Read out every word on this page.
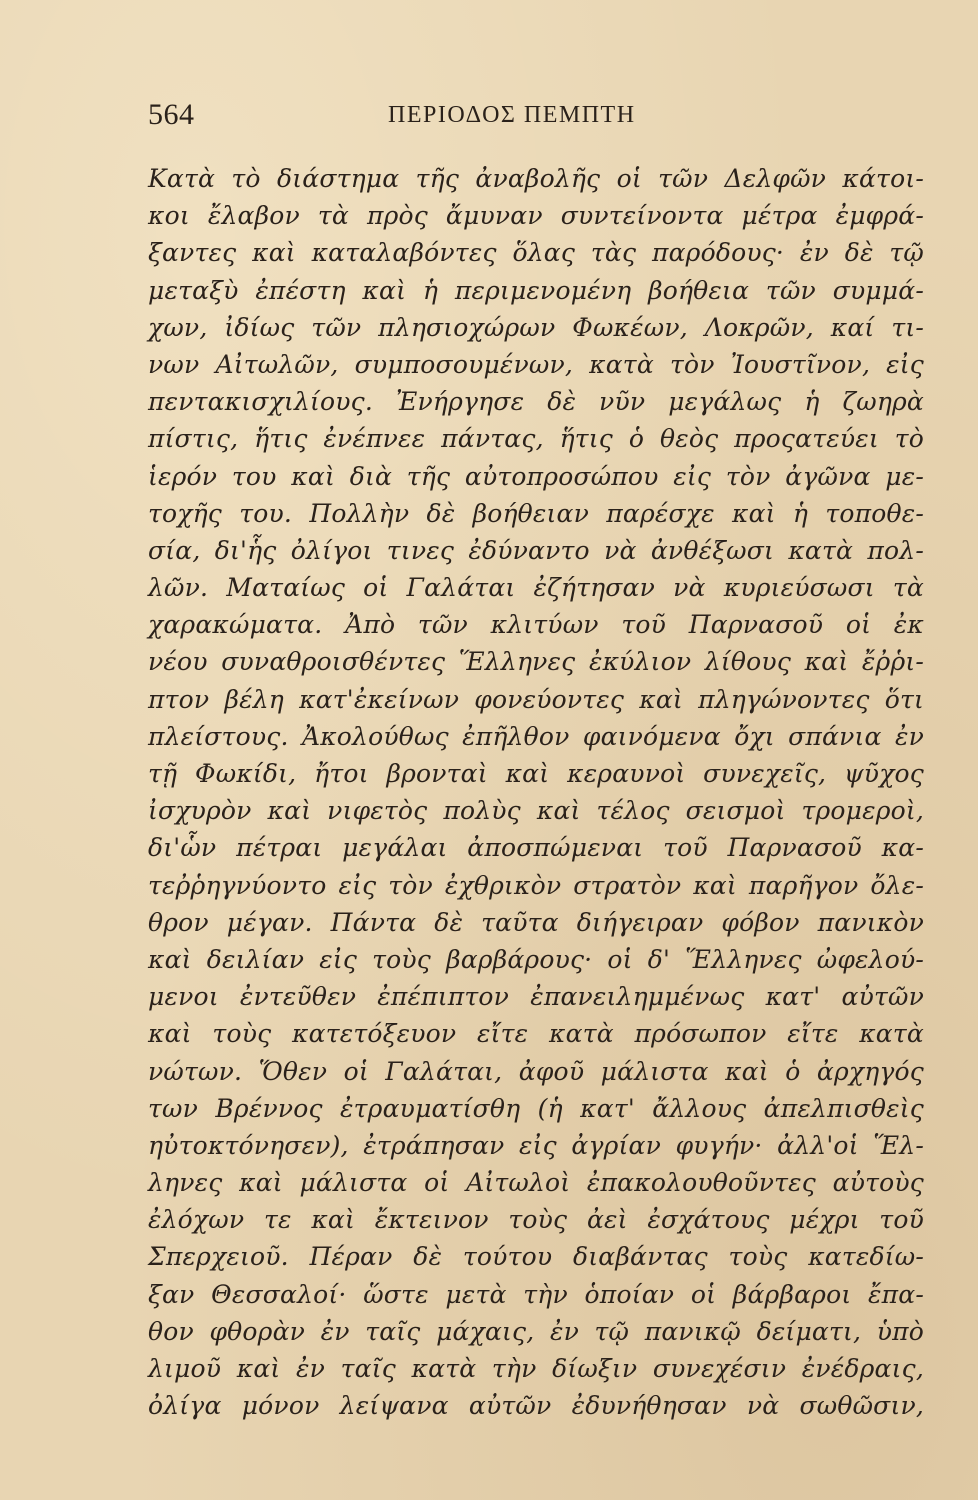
564	ΠΕΡΙΟΔΟΣ ΠΕΜΠΤΗ
Κατὰ τὸ διάστημα τῆς ἀναβολῆς οἱ τῶν Δελφῶν κάτοι-
κοι ἔλαβον τὰ πρὸς ἄμυναν συντείνοντα μέτρα ἐμφρά-
ξαντες καὶ καταλαβόντες ὅλας τὰς παρόδους· ἐν δὲ τῷ
μεταξὺ ἐπέστη καὶ ἡ περιμενομένη βοήθεια τῶν συμμά-
χων, ἰδίως τῶν πλησιοχώρων Φωκέων, Λοκρῶν, καί τι-
νων Αἰτωλῶν, συμποσουμένων, κατὰ τὸν Ἰουστῖνον, εἰς
πεντακισχιλίους. Ἐνήργησε δὲ νῦν μεγάλως ἡ ζωηρὰ
πίστις, ἥτις ἐνέπνεε πάντας, ἥτις ὁ θεὸς προςατεύει τὸ
ἱερόν του καὶ διὰ τῆς αὐτοπροσώπου εἰς τὸν ἀγῶνα με-
τοχῆς του. Πολλὴν δὲ βοήθειαν παρέσχε καὶ ἡ τοποθε-
σία, δι'ἧς ὀλίγοι τινες ἐδύναντο νὰ ἀνθέξωσι κατὰ πολ-
λῶν. Ματαίως οἱ Γαλάται ἐζήτησαν νὰ κυριεύσωσι τὰ
χαρακώματα. Ἀπὸ τῶν κλιτύων τοῦ Παρνασοῦ οἱ ἐκ
νέου συναθροισθέντες Ἕλληνες ἐκύλιον λίθους καὶ ἔῤῥι-
πτον βέλη κατ'ἐκείνων φονεύοντες καὶ πληγώνοντες ὅτι
πλείστους. Ἀκολούθως ἐπῆλθον φαινόμενα ὄχι σπάνια ἐν
τῇ Φωκίδι, ἤτοι βρονταὶ καὶ κεραυνοὶ συνεχεῖς, ψῦχος
ἰσχυρὸν καὶ νιφετὸς πολὺς καὶ τέλος σεισμοὶ τρομεροὶ,
δι'ὧν πέτραι μεγάλαι ἀποσπώμεναι τοῦ Παρνασοῦ κα-
τεῤῥηγνύοντο εἰς τὸν ἐχθρικὸν στρατὸν καὶ παρῆγον ὄλε-
θρον μέγαν. Πάντα δὲ ταῦτα διήγειραν φόβον πανικὸν
καὶ δειλίαν εἰς τοὺς βαρβάρους· οἱ δ' Ἕλληνες ὠφελού-
μενοι ἐντεῦθεν ἐπέπιπτον ἐπανειλημμένως κατ' αὐτῶν
καὶ τοὺς κατετόξευον εἴτε κατὰ πρόσωπον εἴτε κατὰ
νώτων. Ὅθεν οἱ Γαλάται, ἀφοῦ μάλιστα καὶ ὁ ἀρχηγός
των Βρέννος ἐτραυματίσθη (ἡ κατ' ἄλλους ἀπελπισθεὶς
ηὐτοκτόνησεν), ἐτράπησαν εἰς ἀγρίαν φυγήν· ἀλλ'οἱ Ἕλ-
ληνες καὶ μάλιστα οἱ Αἰτωλοὶ ἐπακολουθοῦντες αὐτοὺς
ἐλόχων τε καὶ ἔκτεινον τοὺς ἀεὶ ἐσχάτους μέχρι τοῦ
Σπερχειοῦ. Πέραν δὲ τούτου διαβάντας τοὺς κατεδίω-
ξαν Θεσσαλοί· ὥστε μετὰ τὴν ὁποίαν οἱ βάρβαροι ἔπα-
θον φθορὰν ἐν ταῖς μάχαις, ἐν τῷ πανικῷ δείματι, ὑπὸ
λιμοῦ καὶ ἐν ταῖς κατὰ τὴν δίωξιν συνεχέσιν ἐνέδραις,
ὀλίγα μόνον λείψανα αὐτῶν ἐδυνήθησαν νὰ σωθῶσιν,
